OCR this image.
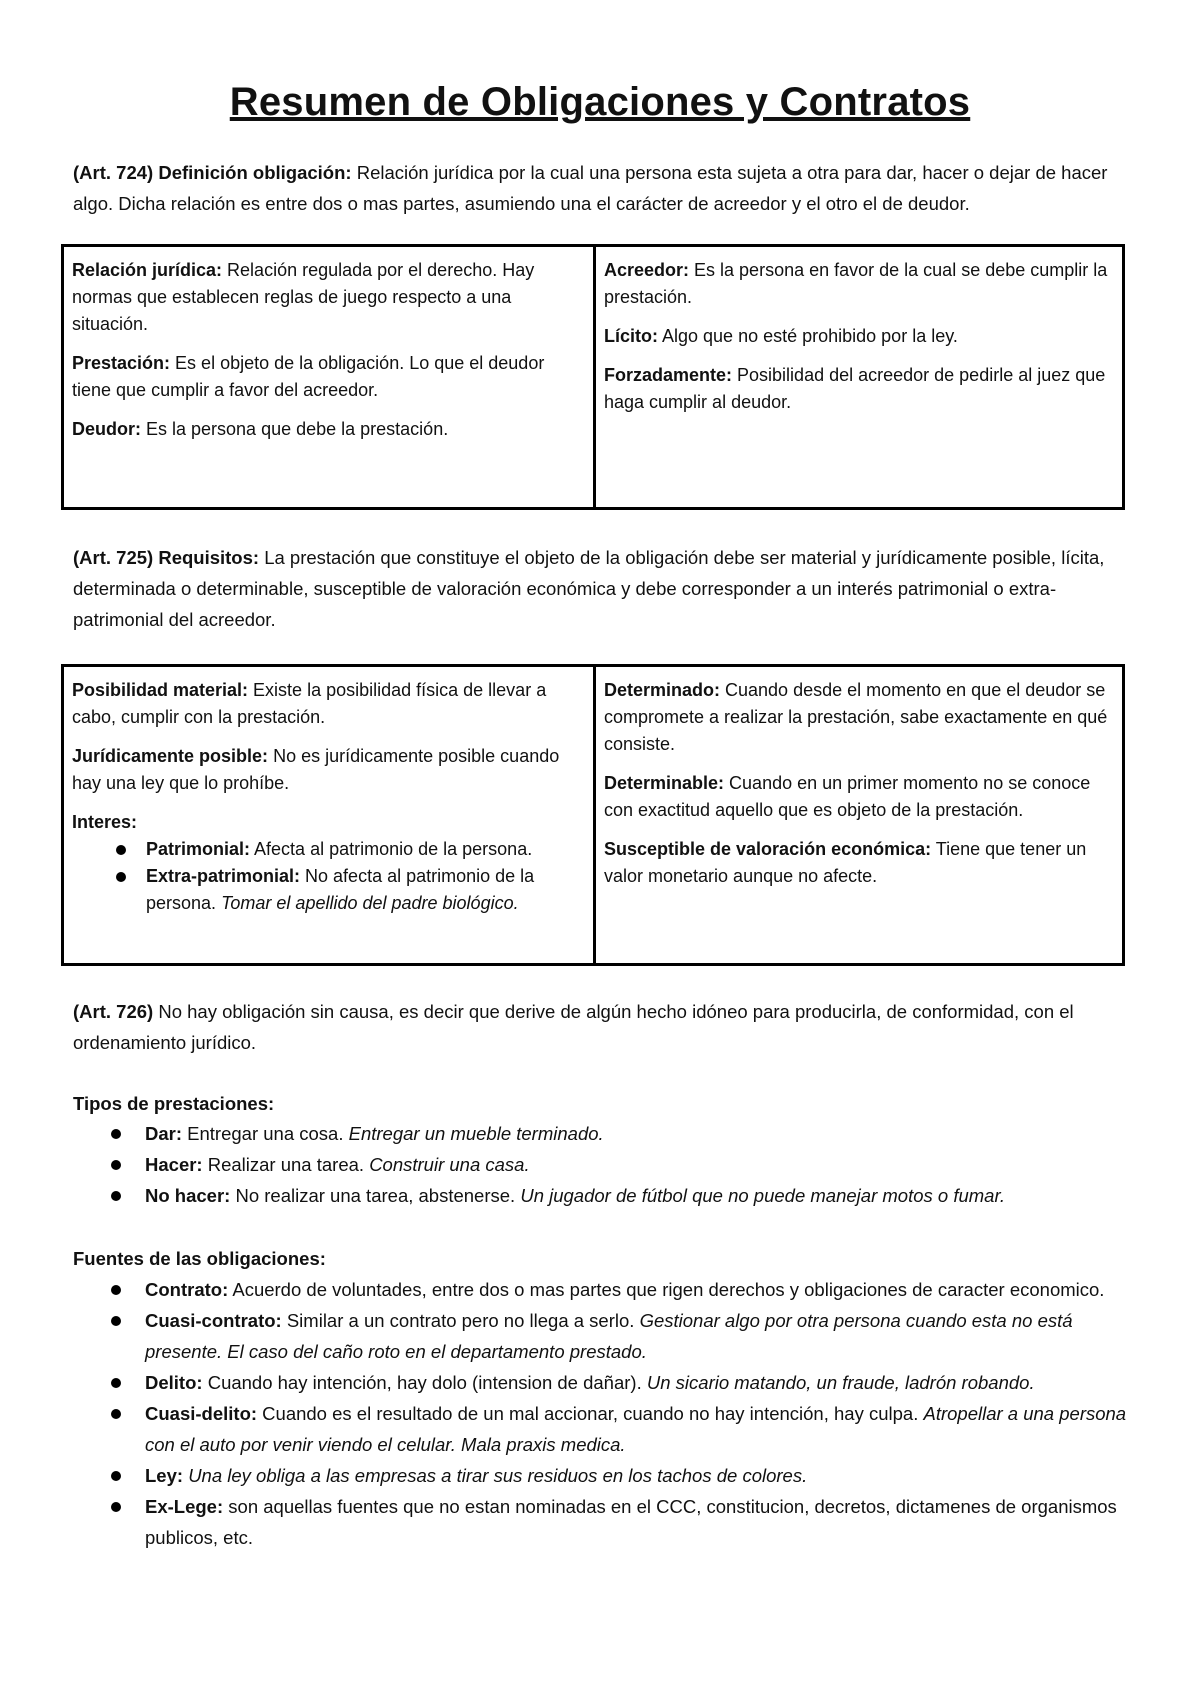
Resumen de Obligaciones y Contratos

(Art. 724) Definición obligación: Relación jurídica por la cual una persona esta sujeta a otra para dar, hacer o dejar de hacer algo. Dicha relación es entre dos o mas partes, asumiendo una el carácter de acreedor y el otro el de deudor.

Relación jurídica: Relación regulada por el derecho. Hay normas que establecen reglas de juego respecto a una situación.

Prestación: Es el objeto de la obligación. Lo que el deudor tiene que cumplir a favor del acreedor.

Deudor: Es la persona que debe la prestación.

Acreedor: Es la persona en favor de la cual se debe cumplir la prestación.

Lícito: Algo que no esté prohibido por la ley.

Forzadamente: Posibilidad del acreedor de pedirle al juez que haga cumplir al deudor.

(Art. 725) Requisitos: La prestación que constituye el objeto de la obligación debe ser material y jurídicamente posible, lícita, determinada o determinable, susceptible de valoración económica y debe corresponder a un interés patrimonial o extra-patrimonial del acreedor.

Posibilidad material: Existe la posibilidad física de llevar a cabo, cumplir con la prestación.

Jurídicamente posible: No es jurídicamente posible cuando hay una ley que lo prohíbe.

Interes:
Patrimonial: Afecta al patrimonio de la persona.
Extra-patrimonial: No afecta al patrimonio de la persona. Tomar el apellido del padre biológico.

Determinado: Cuando desde el momento en que el deudor se compromete a realizar la prestación, sabe exactamente en qué consiste.

Determinable: Cuando en un primer momento no se conoce con exactitud aquello que es objeto de la prestación.

Susceptible de valoración económica: Tiene que tener un valor monetario aunque no afecte.

(Art. 726) No hay obligación sin causa, es decir que derive de algún hecho idóneo para producirla, de conformidad, con el ordenamiento jurídico.

Tipos de prestaciones:
Dar: Entregar una cosa. Entregar un mueble terminado.
Hacer: Realizar una tarea. Construir una casa.
No hacer: No realizar una tarea, abstenerse. Un jugador de fútbol que no puede manejar motos o fumar.
Fuentes de las obligaciones:
Contrato: Acuerdo de voluntades, entre dos o mas partes que rigen derechos y obligaciones de caracter economico.
Cuasi-contrato: Similar a un contrato pero no llega a serlo. Gestionar algo por otra persona cuando esta no está presente. El caso del caño roto en el departamento prestado.
Delito: Cuando hay intención, hay dolo (intension de dañar). Un sicario matando, un fraude, ladrón robando.
Cuasi-delito: Cuando es el resultado de un mal accionar, cuando no hay intención, hay culpa. Atropellar a una persona con el auto por venir viendo el celular. Mala praxis medica.
Ley: Una ley obliga a las empresas a tirar sus residuos en los tachos de colores.
Ex-Lege: son aquellas fuentes que no estan nominadas en el CCC, constitucion, decretos, dictamenes de organismos publicos, etc.
